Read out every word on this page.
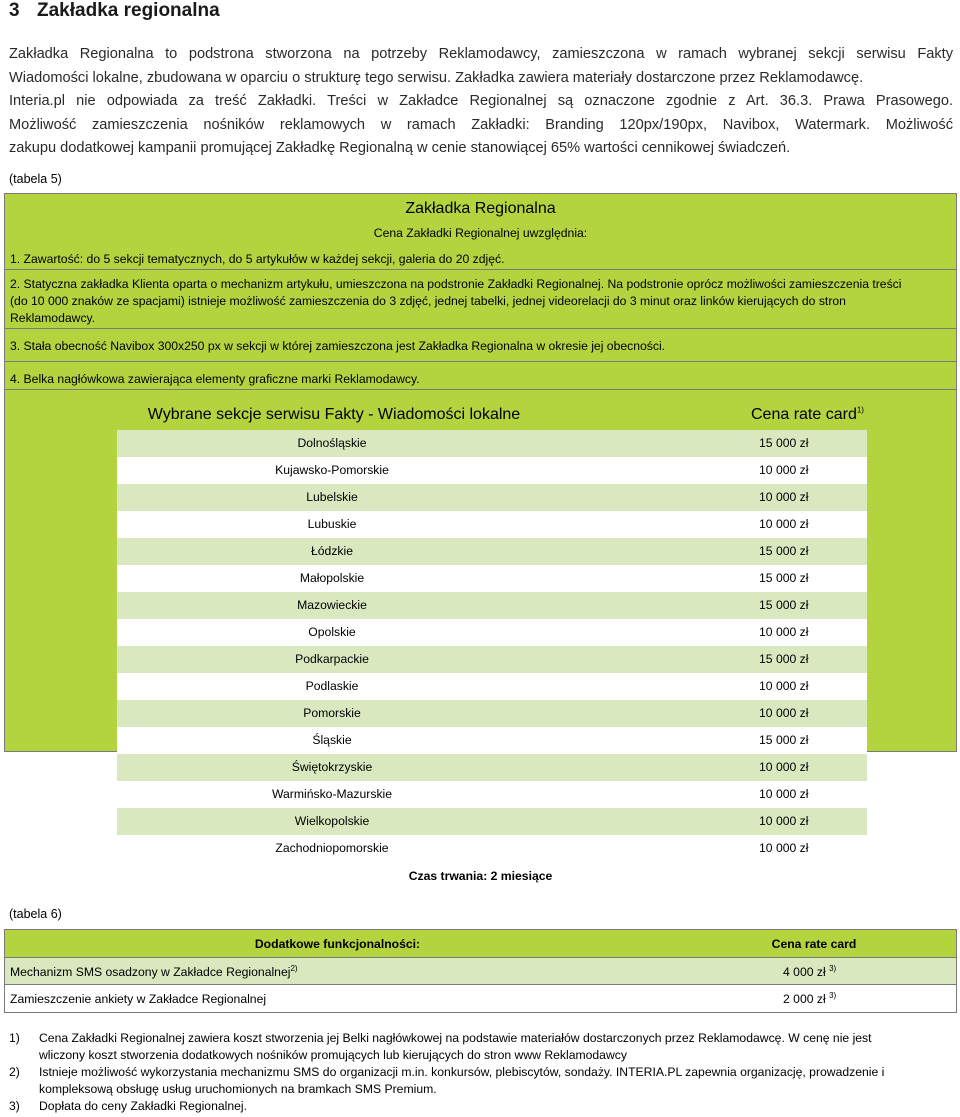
3 Zakładka regionalna
Zakładka Regionalna to podstrona stworzona na potrzeby Reklamodawcy, zamieszczona w ramach wybranej sekcji serwisu Fakty
Wiadomości lokalne, zbudowana w oparciu o strukturę tego serwisu. Zakładka zawiera materiały dostarczone przez Reklamodawcę.
Interia.pl nie odpowiada za treść Zakładki. Treści w Zakładce Regionalnej są oznaczone zgodnie z Art. 36.3. Prawa Prasowego.
Możliwość zamieszczenia nośników reklamowych w ramach Zakładki: Branding 120px/190px, Navibox, Watermark. Możliwość
zakupu dodatkowej kampanii promującej Zakładkę Regionalną w cenie stanowiącej 65% wartości cennikowej świadczeń.
(tabela 5)
Zakładka Regionalna
Cena Zakładki Regionalnej uwzględnia:
1. Zawartość: do 5 sekcji tematycznych, do 5 artykułów w każdej sekcji, galeria do 20 zdjęć.
2. Statyczna zakładka Klienta oparta o mechanizm artykułu, umieszczona na podstronie Zakładki Regionalnej. Na podstronie oprócz możliwości zamieszczenia treści
(do 10 000 znaków ze spacjami) istnieje możliwość zamieszczenia do 3 zdjęć, jednej tabelki, jednej videorelacji do 3 minut oraz linków kierujących do stron
Reklamodawcy.
3. Stała obecność Navibox 300x250 px w sekcji w której zamieszczona jest Zakładka Regionalna w okresie jej obecności.
4. Belka nagłówkowa zawierająca elementy graficzne marki Reklamodawcy.
Wybrane sekcje serwisu Fakty - Wiadomości lokalne	Cena rate card$^{1)}$
Dolnośląskie	15 000 zł
Kujawsko-Pomorskie	10 000 zł
Lubelskie	10 000 zł
Lubuskie	10 000 zł
Łódzkie	15 000 zł
Małopolskie	15 000 zł
Mazowieckie	15 000 zł
Opolskie	10 000 zł
Podkarpackie	15 000 zł
Podlaskie	10 000 zł
Pomorskie	10 000 zł
Śląskie	15 000 zł
Świętokrzyskie	10 000 zł
Warmińsko-Mazurskie	10 000 zł
Wielkopolskie	10 000 zł
Zachodniopomorskie	10 000 zł
Czas trwania: 2 miesiące
(tabela 6)
Dodatkowe funkcjonalności:	Cena rate card
Mechanizm SMS osadzony w Zakładce Regionalnej$^{2)}$	4 000 zł $^{3)}$
Zamieszczenie ankiety w Zakładce Regionalnej	2 000 zł $^{3)}$
1) Cena Zakładki Regionalnej zawiera koszt stworzenia jej Belki nagłówkowej na podstawie materiałów dostarczonych przez Reklamodawcę. W cenę nie jest
wliczony koszt stworzenia dodatkowych nośników promujących lub kierujących do stron www Reklamodawcy
2) Istnieje możliwość wykorzystania mechanizmu SMS do organizacji m.in. konkursów, plebiscytów, sondaży. INTERIA.PL zapewnia organizację, prowadzenie i
kompleksową obsługę usług uruchomionych na bramkach SMS Premium.
3) Dopłata do ceny Zakładki Regionalnej.
